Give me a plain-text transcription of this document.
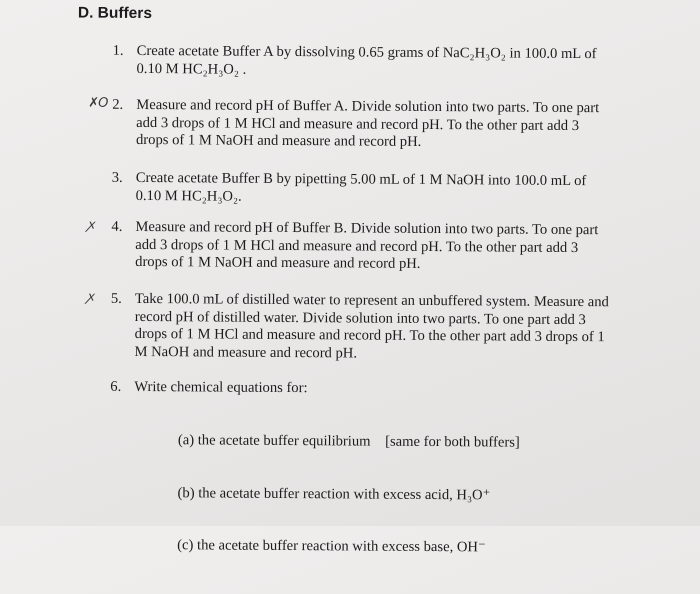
D. Buffers
1. Create acetate Buffer A by dissolving 0.65 grams of NaC₂H₃O₂ in 100.0 mL of
0.10 M HC₂H₃O₂ .
✗O 2. Measure and record pH of Buffer A. Divide solution into two parts. To one part
add 3 drops of 1 M HCl and measure and record pH. To the other part add 3
drops of 1 M NaOH and measure and record pH.
3. Create acetate Buffer B by pipetting 5.00 mL of 1 M NaOH into 100.0 mL of
0.10 M HC₂H₃O₂.
ꭗ 4. Measure and record pH of Buffer B. Divide solution into two parts. To one part
add 3 drops of 1 M HCl and measure and record pH. To the other part add 3
drops of 1 M NaOH and measure and record pH.
ꭗ 5. Take 100.0 mL of distilled water to represent an unbuffered system. Measure and
record pH of distilled water. Divide solution into two parts. To one part add 3
drops of 1 M HCl and measure and record pH. To the other part add 3 drops of 1
M NaOH and measure and record pH.
6. Write chemical equations for:

(a) the acetate buffer equilibrium    [same for both buffers]

(b) the acetate buffer reaction with excess acid, H₃O⁺

(c) the acetate buffer reaction with excess base, OH⁻
